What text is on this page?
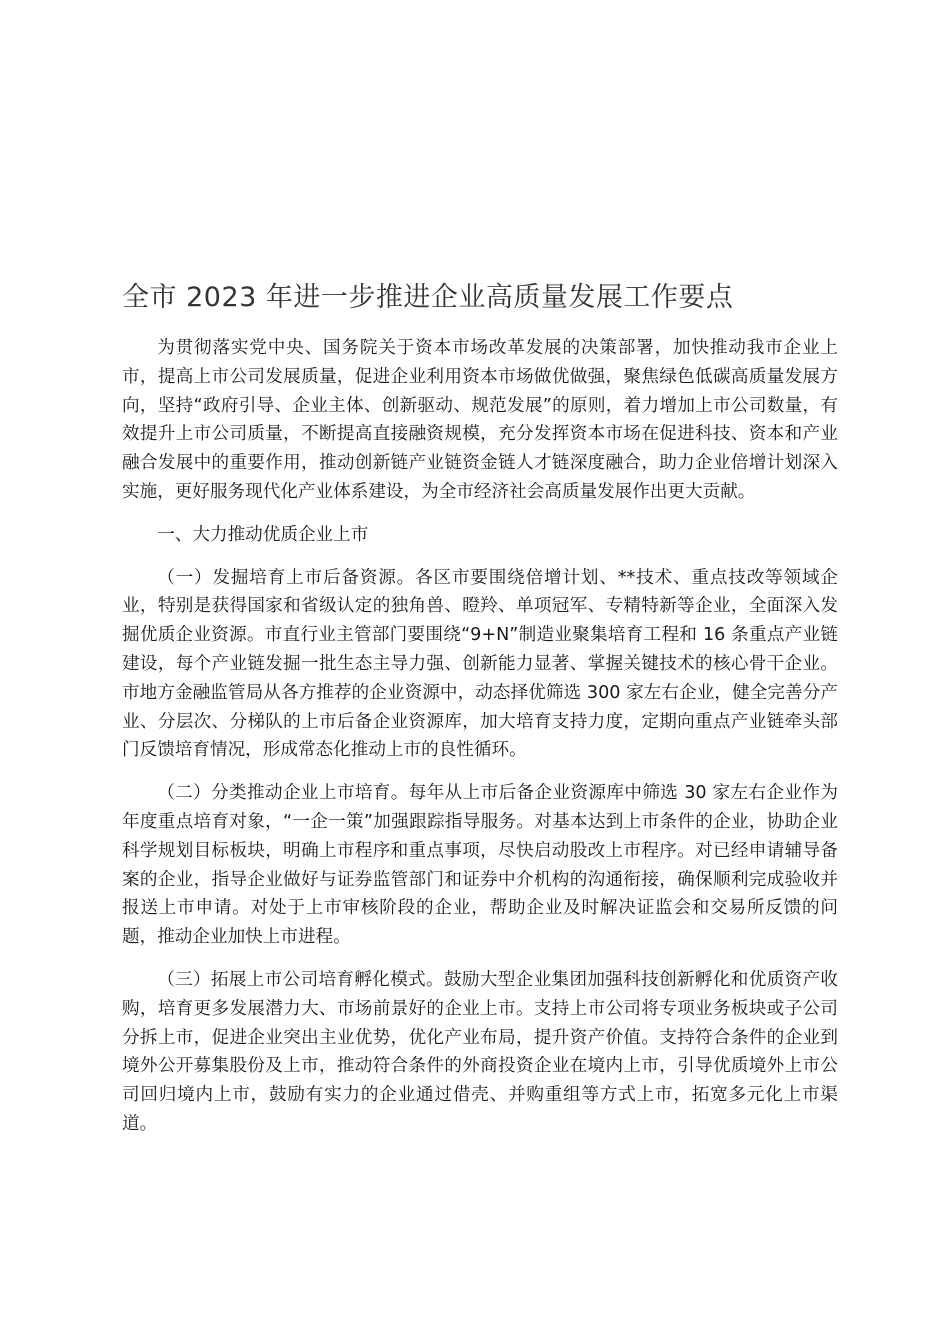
全市 2023 年进一步推进企业高质量发展工作要点

为贯彻落实党中央、国务院关于资本市场改革发展的决策部署，加快推动我市企业上市，提高上市公司发展质量，促进企业利用资本市场做优做强，聚焦绿色低碳高质量发展方向，坚持“政府引导、企业主体、创新驱动、规范发展”的原则，着力增加上市公司数量，有效提升上市公司质量，不断提高直接融资规模，充分发挥资本市场在促进科技、资本和产业融合发展中的重要作用，推动创新链产业链资金链人才链深度融合，助力企业倍增计划深入实施，更好服务现代化产业体系建设，为全市经济社会高质量发展作出更大贡献。

一、大力推动优质企业上市

（一）发掘培育上市后备资源。各区市要围绕倍增计划、**技术、重点技改等领域企业，特别是获得国家和省级认定的独角兽、瞪羚、单项冠军、专精特新等企业，全面深入发掘优质企业资源。市直行业主管部门要围绕“9+N”制造业聚集培育工程和 16 条重点产业链建设，每个产业链发掘一批生态主导力强、创新能力显著、掌握关键技术的核心骨干企业。市地方金融监管局从各方推荐的企业资源中，动态择优筛选 300 家左右企业，健全完善分产业、分层次、分梯队的上市后备企业资源库，加大培育支持力度，定期向重点产业链牵头部门反馈培育情况，形成常态化推动上市的良性循环。

（二）分类推动企业上市培育。每年从上市后备企业资源库中筛选 30 家左右企业作为年度重点培育对象，“一企一策”加强跟踪指导服务。对基本达到上市条件的企业，协助企业科学规划目标板块，明确上市程序和重点事项，尽快启动股改上市程序。对已经申请辅导备案的企业，指导企业做好与证券监管部门和证券中介机构的沟通衔接，确保顺利完成验收并报送上市申请。对处于上市审核阶段的企业，帮助企业及时解决证监会和交易所反馈的问题，推动企业加快上市进程。

（三）拓展上市公司培育孵化模式。鼓励大型企业集团加强科技创新孵化和优质资产收购，培育更多发展潜力大、市场前景好的企业上市。支持上市公司将专项业务板块或子公司分拆上市，促进企业突出主业优势，优化产业布局，提升资产价值。支持符合条件的企业到境外公开募集股份及上市，推动符合条件的外商投资企业在境内上市，引导优质境外上市公司回归境内上市，鼓励有实力的企业通过借壳、并购重组等方式上市，拓宽多元化上市渠道。
